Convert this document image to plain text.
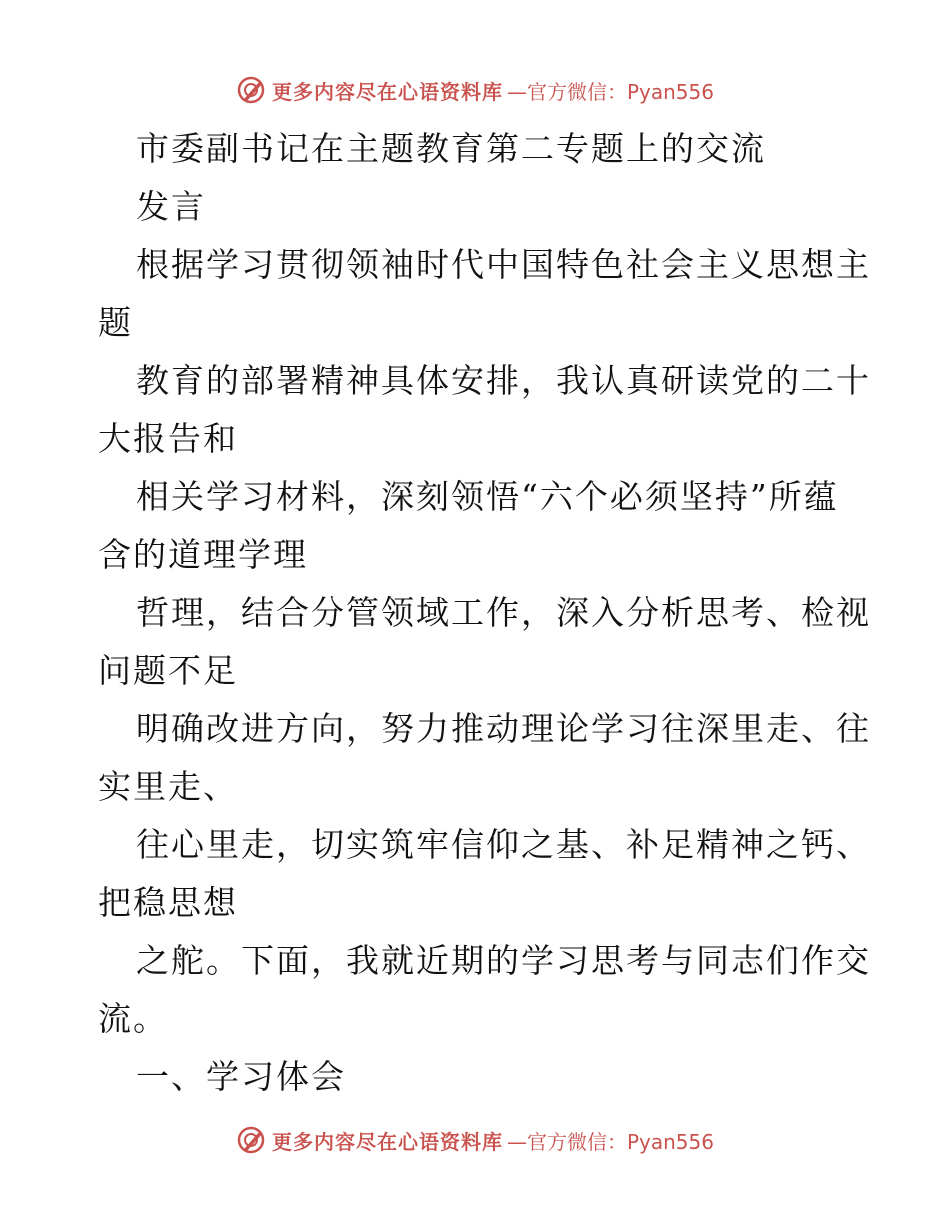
更多内容尽在心语资料库 —官方微信：Pyan556
市委副书记在主题教育第二专题上的交流
发言
根据学习贯彻领袖时代中国特色社会主义思想主
题
教育的部署精神具体安排，我认真研读党的二十
大报告和
相关学习材料，深刻领悟“六个必须坚持”所蕴
含的道理学理
哲理，结合分管领域工作，深入分析思考、检视
问题不足
明确改进方向，努力推动理论学习往深里走、往
实里走、
往心里走，切实筑牢信仰之基、补足精神之钙、
把稳思想
之舵。下面，我就近期的学习思考与同志们作交
流。
一、学习体会
更多内容尽在心语资料库 —官方微信：Pyan556
